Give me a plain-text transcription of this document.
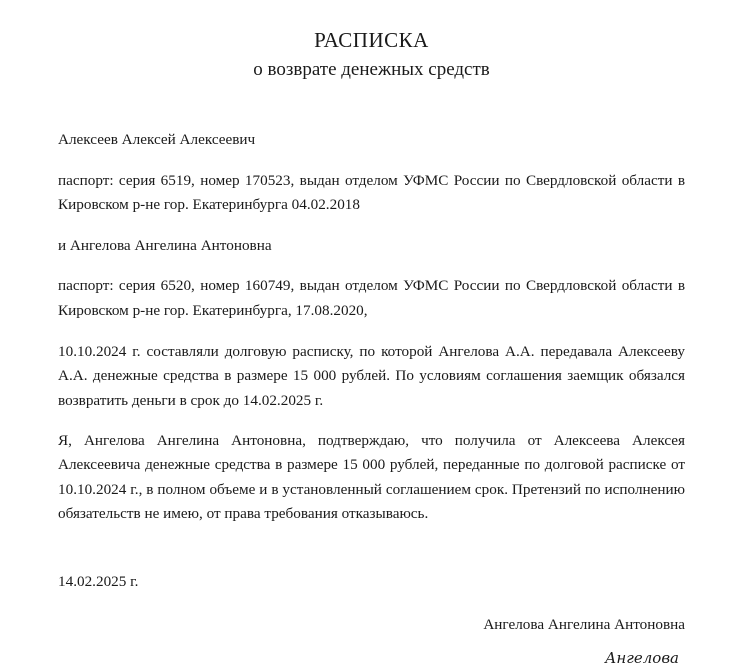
РАСПИСКА
о возврате денежных средств

Алексеев Алексей Алексеевич

паспорт: серия 6519, номер 170523, выдан отделом УФМС России по Свердловской области в Кировском р-не гор. Екатеринбурга 04.02.2018

и Ангелова Ангелина Антоновна

паспорт: серия 6520, номер 160749, выдан отделом УФМС России по Свердловской области в Кировском р-не гор. Екатеринбурга, 17.08.2020,

10.10.2024 г. составляли долговую расписку, по которой Ангелова А.А. передавала Алексееву А.А. денежные средства в размере 15 000 рублей. По условиям соглашения заемщик обязался возвратить деньги в срок до 14.02.2025 г.

Я, Ангелова Ангелина Антоновна, подтверждаю, что получила от Алексеева Алексея Алексеевича денежные средства в размере 15 000 рублей, переданные по долговой расписке от 10.10.2024 г., в полном объеме и в установленный соглашением срок. Претензий по исполнению обязательств не имею, от права требования отказываюсь.

14.02.2025 г.
Ангелова Ангелина Антоновна
Ангелова
